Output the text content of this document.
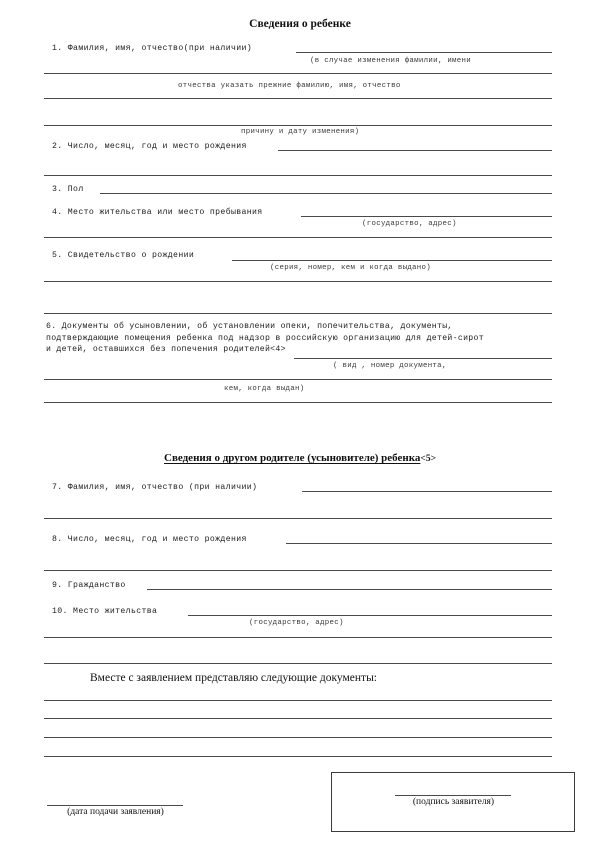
Сведения о ребенке
1. Фамилия, имя, отчество(при наличии)
(в случае изменения фамилии, имени
отчества указать прежние фамилию, имя, отчество
причину и дату изменения)
2. Число, месяц, год и место рождения
3. Пол
4. Место жительства или место пребывания
(государство, адрес)
5. Свидетельство о рождении
(серия, номер, кем и когда выдано)
6. Документы об усыновлении, об установлении опеки, попечительства, документы,
подтверждающие помещения ребенка под надзор в российскую организацию для детей-сирот
и детей, оставшихся без попечения родителей<4>
( вид , номер документа,
кем, когда выдан)
Сведения о другом родителе (усыновителе) ребенка<5>
7. Фамилия, имя, отчество (при наличии)
8. Число, месяц, год и место рождения
9. Гражданство
10. Место жительства
(государство, адрес)
Вместе с заявлением представляю следующие документы:
(подпись заявителя)
(дата подачи заявления)
